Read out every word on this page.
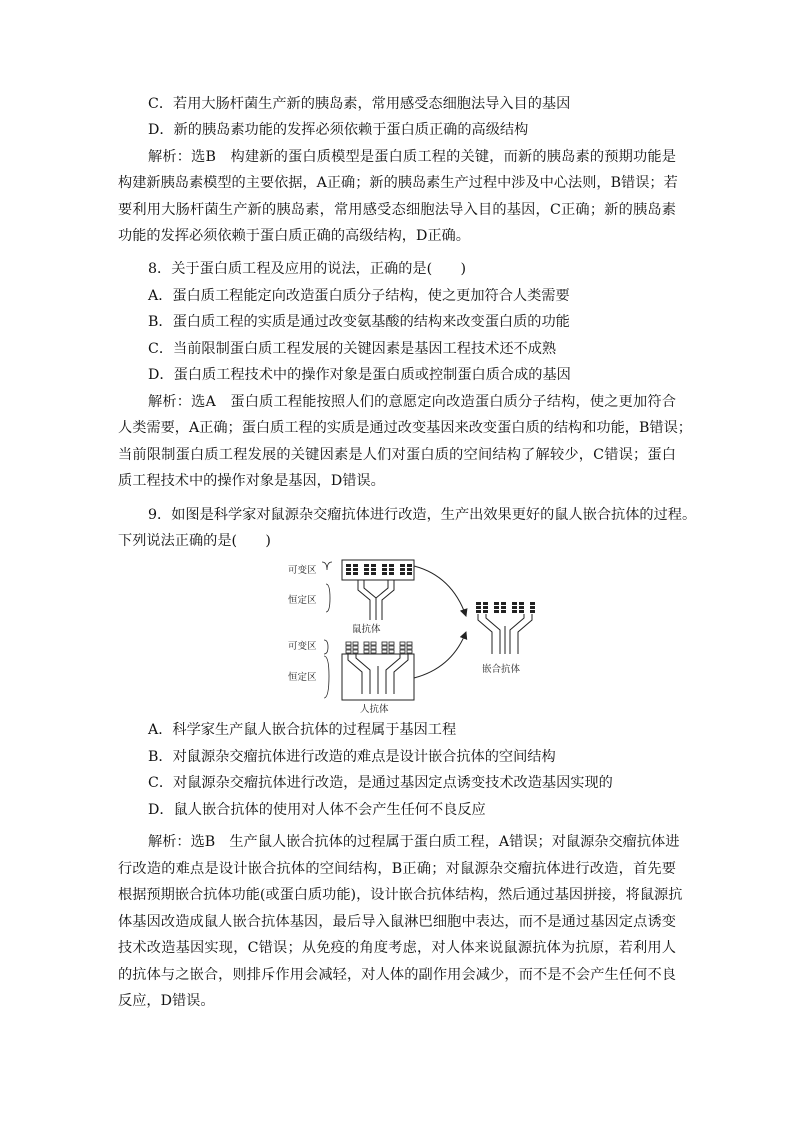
C．若用大肠杆菌生产新的胰岛素，常用感受态细胞法导入目的基因
D．新的胰岛素功能的发挥必须依赖于蛋白质正确的高级结构
解析：选B　构建新的蛋白质模型是蛋白质工程的关键，而新的胰岛素的预期功能是
构建新胰岛素模型的主要依据，A正确；新的胰岛素生产过程中涉及中心法则，B错误；若
要利用大肠杆菌生产新的胰岛素，常用感受态细胞法导入目的基因，C正确；新的胰岛素
功能的发挥必须依赖于蛋白质正确的高级结构，D正确。
8．关于蛋白质工程及应用的说法，正确的是(　　)
A．蛋白质工程能定向改造蛋白质分子结构，使之更加符合人类需要
B．蛋白质工程的实质是通过改变氨基酸的结构来改变蛋白质的功能
C．当前限制蛋白质工程发展的关键因素是基因工程技术还不成熟
D．蛋白质工程技术中的操作对象是蛋白质或控制蛋白质合成的基因
解析：选A　蛋白质工程能按照人们的意愿定向改造蛋白质分子结构，使之更加符合
人类需要，A正确；蛋白质工程的实质是通过改变基因来改变蛋白质的结构和功能，B错误；
当前限制蛋白质工程发展的关键因素是人们对蛋白质的空间结构了解较少，C错误；蛋白
质工程技术中的操作对象是基因，D错误。
9．如图是科学家对鼠源杂交瘤抗体进行改造，生产出效果更好的鼠人嵌合抗体的过程。
下列说法正确的是(　　)
鼠抗体
可变区
恒定区
人抗体
可变区
恒定区
嵌合抗体
A．科学家生产鼠人嵌合抗体的过程属于基因工程
B．对鼠源杂交瘤抗体进行改造的难点是设计嵌合抗体的空间结构
C．对鼠源杂交瘤抗体进行改造，是通过基因定点诱变技术改造基因实现的
D．鼠人嵌合抗体的使用对人体不会产生任何不良反应
解析：选B　生产鼠人嵌合抗体的过程属于蛋白质工程，A错误；对鼠源杂交瘤抗体进
行改造的难点是设计嵌合抗体的空间结构，B正确；对鼠源杂交瘤抗体进行改造，首先要
根据预期嵌合抗体功能(或蛋白质功能)，设计嵌合抗体结构，然后通过基因拼接，将鼠源抗
体基因改造成鼠人嵌合抗体基因，最后导入鼠淋巴细胞中表达，而不是通过基因定点诱变
技术改造基因实现，C错误；从免疫的角度考虑，对人体来说鼠源抗体为抗原，若利用人
的抗体与之嵌合，则排斥作用会减轻，对人体的副作用会减少，而不是不会产生任何不良
反应，D错误。
